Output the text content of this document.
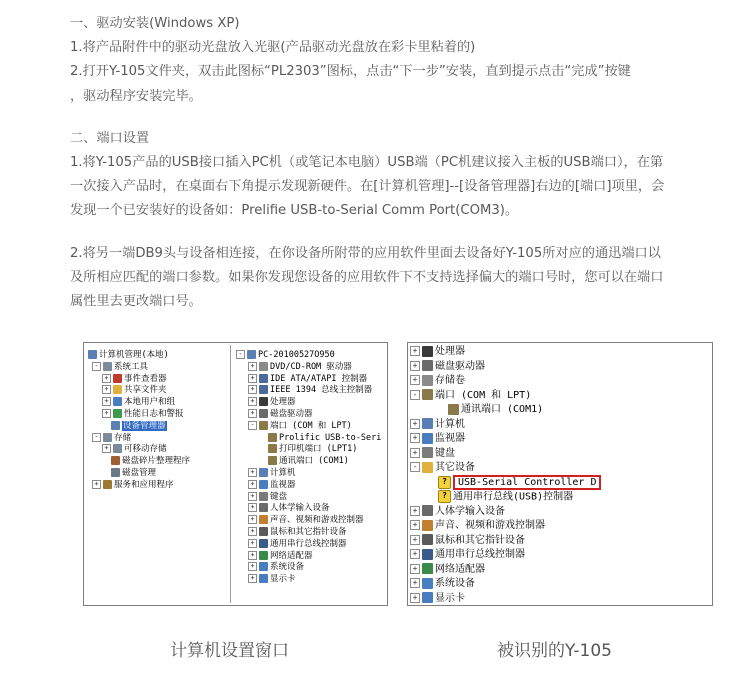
一、驱动安装(Windows XP)
1.将产品附件中的驱动光盘放入光驱(产品驱动光盘放在彩卡里粘着的)
2.打开Y-105文件夹，双击此图标“PL2303”图标，点击“下一步”安装，直到提示点击“完成”按键
，驱动程序安装完毕。
二、端口设置
1.将Y-105产品的USB接口插入PC机（或笔记本电脑）USB端（PC机建议接入主板的USB端口），在第
一次接入产品时，在桌面右下角提示发现新硬件。在[计算机管理]--[设备管理器]右边的[端口]项里，会
发现一个已安装好的设备如：Prelifie USB-to-Serial Comm Port(COM3)。
2.将另一端DB9头与设备相连接，在你设备所附带的应用软件里面去设备好Y-105所对应的通迅端口以
及所相应匹配的端口参数。如果你发现您设备的应用软件下不支持选择偏大的端口号时，您可以在端口
属性里去更改端口号。
计算机管理(本地)
- 系统工具
+ 事件查看器
+ 共享文件夹
+ 本地用户和组
+ 性能日志和警报
设备管理器
- 存储
+ 可移动存储
磁盘碎片整理程序
磁盘管理
+ 服务和应用程序
- PC-20100527O950
+ DVD/CD-ROM 驱动器
+ IDE ATA/ATAPI 控制器
+ IEEE 1394 总线主控制器
+ 处理器
+ 磁盘驱动器
- 端口 (COM 和 LPT)
Prolific USB-to-Seri
打印机端口 (LPT1)
通讯端口 (COM1)
+ 计算机
+ 监视器
+ 键盘
+ 人体学输入设备
+ 声音、视频和游戏控制器
+ 鼠标和其它指针设备
+ 通用串行总线控制器
+ 网络适配器
+ 系统设备
+ 显示卡
+ 处理器
+ 磁盘驱动器
+ 存储卷
- 端口 (COM 和 LPT)
通讯端口 (COM1)
+ 计算机
+ 监视器
+ 键盘
- 其它设备
? USB-Serial Controller D
? 通用串行总线(USB)控制器
+ 人体学输入设备
+ 声音、视频和游戏控制器
+ 鼠标和其它指针设备
+ 通用串行总线控制器
+ 网络适配器
+ 系统设备
+ 显示卡
计算机设置窗口	被识别的Y-105
